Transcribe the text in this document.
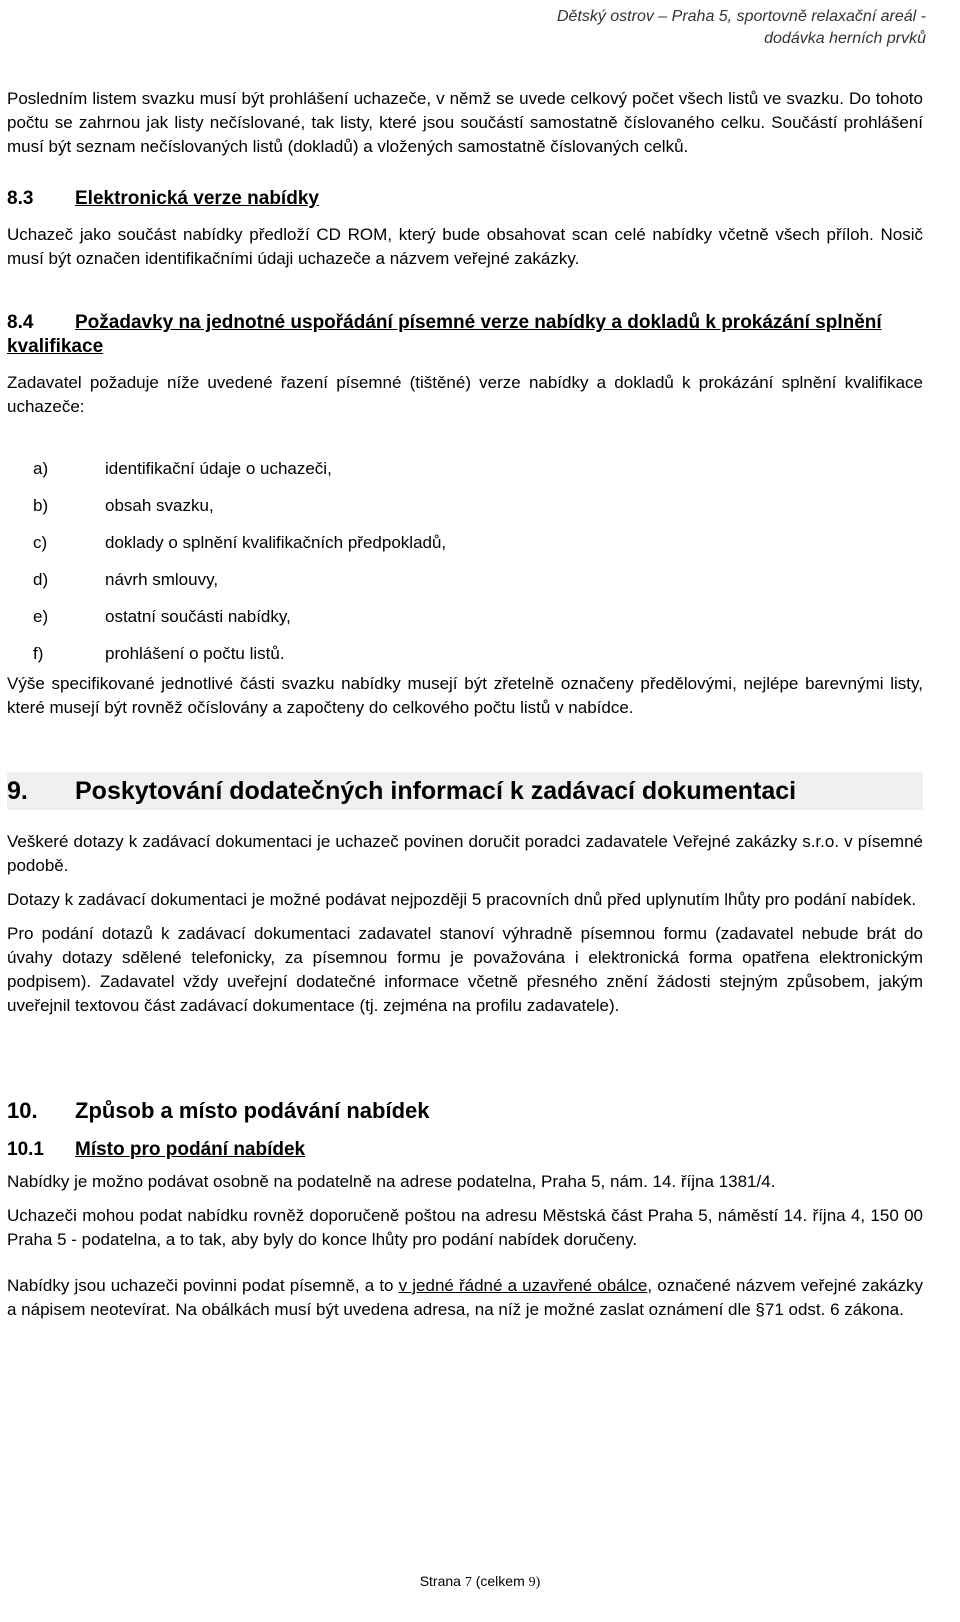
Dětský ostrov – Praha 5, sportovně relaxační areál -
dodávka herních prvků

Posledním listem svazku musí být prohlášení uchazeče, v němž se uvede celkový počet všech listů ve svazku. Do tohoto počtu se zahrnou jak listy nečíslované, tak listy, které jsou součástí samostatně číslovaného celku. Součástí prohlášení musí být seznam nečíslovaných listů (dokladů) a vložených samostatně číslovaných celků.

8.3	Elektronická verze nabídky

Uchazeč jako součást nabídky předloží CD ROM, který bude obsahovat scan celé nabídky včetně všech příloh. Nosič musí být označen identifikačními údaji uchazeče a názvem veřejné zakázky.

8.4 Požadavky na jednotné uspořádání písemné verze nabídky a dokladů k prokázání splnění kvalifikace

Zadavatel požaduje níže uvedené řazení písemné (tištěné) verze nabídky a dokladů k prokázání splnění kvalifikace uchazeče:

a)	identifikační údaje o uchazeči,
b)	obsah svazku,
c)	doklady o splnění kvalifikačních předpokladů,
d)	návrh smlouvy,
e)	ostatní součásti nabídky,
f)	prohlášení o počtu listů.

Výše specifikované jednotlivé části svazku nabídky musejí být zřetelně označeny předělovými, nejlépe barevnými listy, které musejí být rovněž očíslovány a započteny do celkového počtu listů v nabídce.

9.	Poskytování dodatečných informací k zadávací dokumentaci

Veškeré dotazy k zadávací dokumentaci je uchazeč povinen doručit poradci zadavatele Veřejné zakázky s.r.o. v písemné podobě.

Dotazy k zadávací dokumentaci je možné podávat nejpozději 5 pracovních dnů před uplynutím lhůty pro podání nabídek.

Pro podání dotazů k zadávací dokumentaci zadavatel stanoví výhradně písemnou formu (zadavatel nebude brát do úvahy dotazy sdělené telefonicky, za písemnou formu je považována i elektronická forma opatřena elektronickým podpisem). Zadavatel vždy uveřejní dodatečné informace včetně přesného znění žádosti stejným způsobem, jakým uveřejnil textovou část zadávací dokumentace (tj. zejména na profilu zadavatele).

10.	Způsob a místo podávání nabídek
10.1	Místo pro podání nabídek

Nabídky je možno podávat osobně na podatelně na adrese podatelna, Praha 5, nám. 14. října 1381/4.

Uchazeči mohou podat nabídku rovněž doporučeně poštou na adresu Městská část Praha 5, náměstí 14. října 4, 150 00 Praha 5 - podatelna, a to tak, aby byly do konce lhůty pro podání nabídek doručeny.

Nabídky jsou uchazeči povinni podat písemně, a to v jedné řádné a uzavřené obálce, označené názvem veřejné zakázky a nápisem neotevírat. Na obálkách musí být uvedena adresa, na níž je možné zaslat oznámení dle §71 odst. 6 zákona.

Strana 7 (celkem 9)
